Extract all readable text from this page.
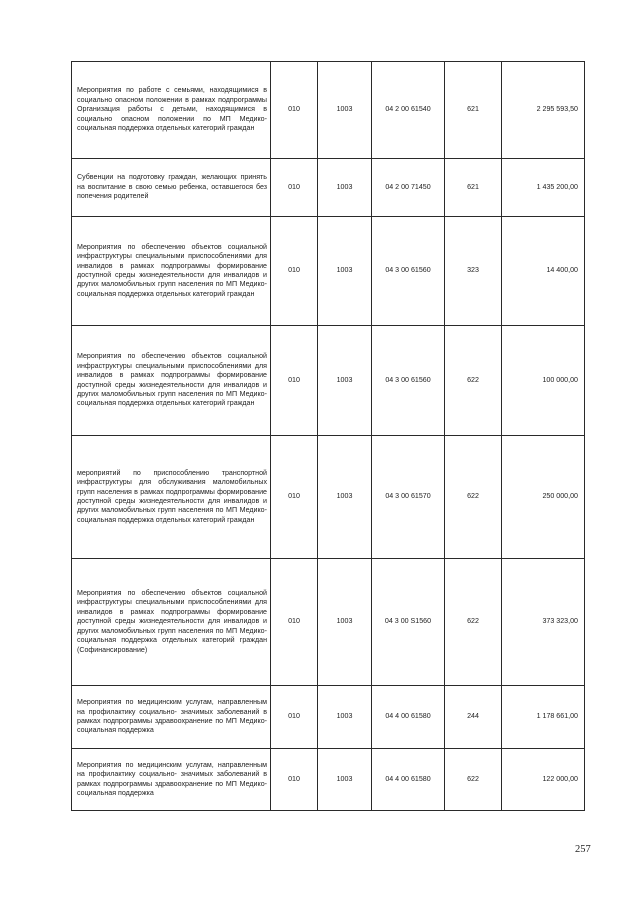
Мероприятия по работе с семьями, находящимися в социально опасном положении в рамках подпрограммы Организация работы с детьми, находящимися в социально опасном положении по МП Медико-социальная поддержка отдельных категорий граждан	010	1003	04 2 00 61540	621	2 295 593,50
Субвенции на подготовку граждан, желающих принять на воспитание в свою семью ребенка, оставшегося без попечения родителей	010	1003	04 2 00 71450	621	1 435 200,00
Мероприятия по обеспечению объектов социальной инфраструктуры специальными приспособлениями для инвалидов в рамках подпрограммы формирование доступной среды жизнедеятельности для инвалидов и других маломобильных групп населения по МП Медико-социальная поддержка отдельных категорий граждан	010	1003	04 3 00 61560	323	14 400,00
Мероприятия по обеспечению объектов социальной инфраструктуры специальными приспособлениями для инвалидов в рамках подпрограммы формирование доступной среды жизнедеятельности для инвалидов и других маломобильных групп населения по МП Медико-социальная поддержка отдельных категорий граждан	010	1003	04 3 00 61560	622	100 000,00
мероприятий по приспособлению транспортной инфраструктуры для обслуживания маломобильных групп населения в рамках подпрограммы формирование доступной среды жизнедеятельности для инвалидов и других маломобильных групп населения по МП Медико-социальная поддержка отдельных категорий граждан	010	1003	04 3 00 61570	622	250 000,00
Мероприятия по обеспечению объектов социальной инфраструктуры специальными приспособлениями для инвалидов в рамках подпрограммы формирование доступной среды жизнедеятельности для инвалидов и других маломобильных групп населения по МП Медико-социальная поддержка отдельных категорий граждан (Софинансирование)	010	1003	04 3 00 S1560	622	373 323,00
Мероприятия по медицинским услугам, направленным на профилактику социально- значимых заболеваний в рамках подпрограммы здравоохранение по МП Медико-социальная поддержка	010	1003	04 4 00 61580	244	1 178 661,00
Мероприятия по медицинским услугам, направленным на профилактику социально- значимых заболеваний в рамках подпрограммы здравоохранение по МП Медико-социальная поддержка	010	1003	04 4 00 61580	622	122 000,00
257
